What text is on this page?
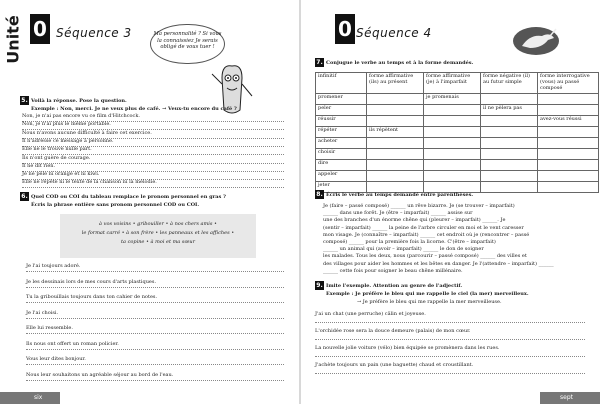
Unité 0 Séquence 3	Ma personnalité ? Si vous la connaissiez Je serais obligé de vous tuer !
5. Voilà la réponse. Pose la question.
Exemple : Non, merci. Je ne veux plus de café. → Veux-tu encore du café ?
6. Quel COD ou COI du tableau remplace le pronom personnel en gras ?
Écris la phrase entière sans pronom personnel COD ou COI.
à vos voisins • gribouiller • à nos chers amis •
le format carré • à son frère • les panneaux et les affiches •
ta copine • à moi et ma sœur
six
Non, je n'ai pas encore vu ce film d'Hitchcock.
Non, je n'ai plus le même portable.
Nous n'avons aucune difficulté à faire cet exercice.
Il n'adresse ce message à personne.
Elle ne le trouve nulle part.
Ils n'ont guère de courage.
Il ne dit rien.
Je ne pèle ni orange et ni kiwi.
Elle ne répète ni le texte de la chanson ni la mélodie.
Je l'ai toujours adoré.
Je les dessinais lors de mes cours d'arts plastiques.
Tu la gribouillais toujours dans ton cahier de notes.
Je l'ai choisi.
Elle lui ressemble.
Ils nous ont offert un roman policier.
Vous leur dites bonjour.
Nous leur souhaitons un agréable séjour au bord de l'eau.
0 Séquence 4
7. Conjugue le verbe au temps et à la forme demandés.
infinitif	forme affirmative (ils) au présent	forme affirmative (je) à l'imparfait	forme négative (il) au futur simple	forme interrogative (vous) au passé composé
promener		je promenais		
peler			il ne pèlera pas	
réussir				avez-vous réussi
répéter	ils répètent			
acheter				
choisir				
dire				
appeler				
jeter				
8. Écris le verbe au temps demandé entre parenthèses.
9. Imite l'exemple. Attention au genre de l'adjectif.
Exemple : Je préfère le bleu qui me rappelle le ciel (la mer) merveilleux.
→ Je préfère le bleu qui me rappelle la mer merveilleuse.
sept
Je (faire – passé composé) ______ un rêve bizarre. Je (se trouver – imparfait)
______ dans une forêt. Je (être – imparfait) ______ assise sur
une des branches d'un énorme chêne qui (pleurer – imparfait) ______. Je
(sentir – imparfait) ______ la peine de l'arbre circuler en moi et le vent caresser
mon visage. Je (connaître – imparfait) ______ cet endroit où je (rencontrer – passé
composé) ______ pour la première fois la licorne. C'(être – imparfait)
______ un animal qui (avoir – imparfait) ______ le don de soigner
les malades. Tous les deux, nous (parcourir – passé composé) ______ des villes et
des villages pour aider les hommes et les bêtes en danger. Je l'(attendre – imparfait) ______
______ cette fois pour soigner le beau chêne millénaire.
J'ai un chat (une perruche) câlin et joyeuse.
L'orchidée rose sera la douce demeure (palais) de mon cœur.
La nouvelle jolie voiture (vélo) bien équipée se promènera dans les rues.
J'achète toujours un pain (une baguette) chaud et croustillant.
